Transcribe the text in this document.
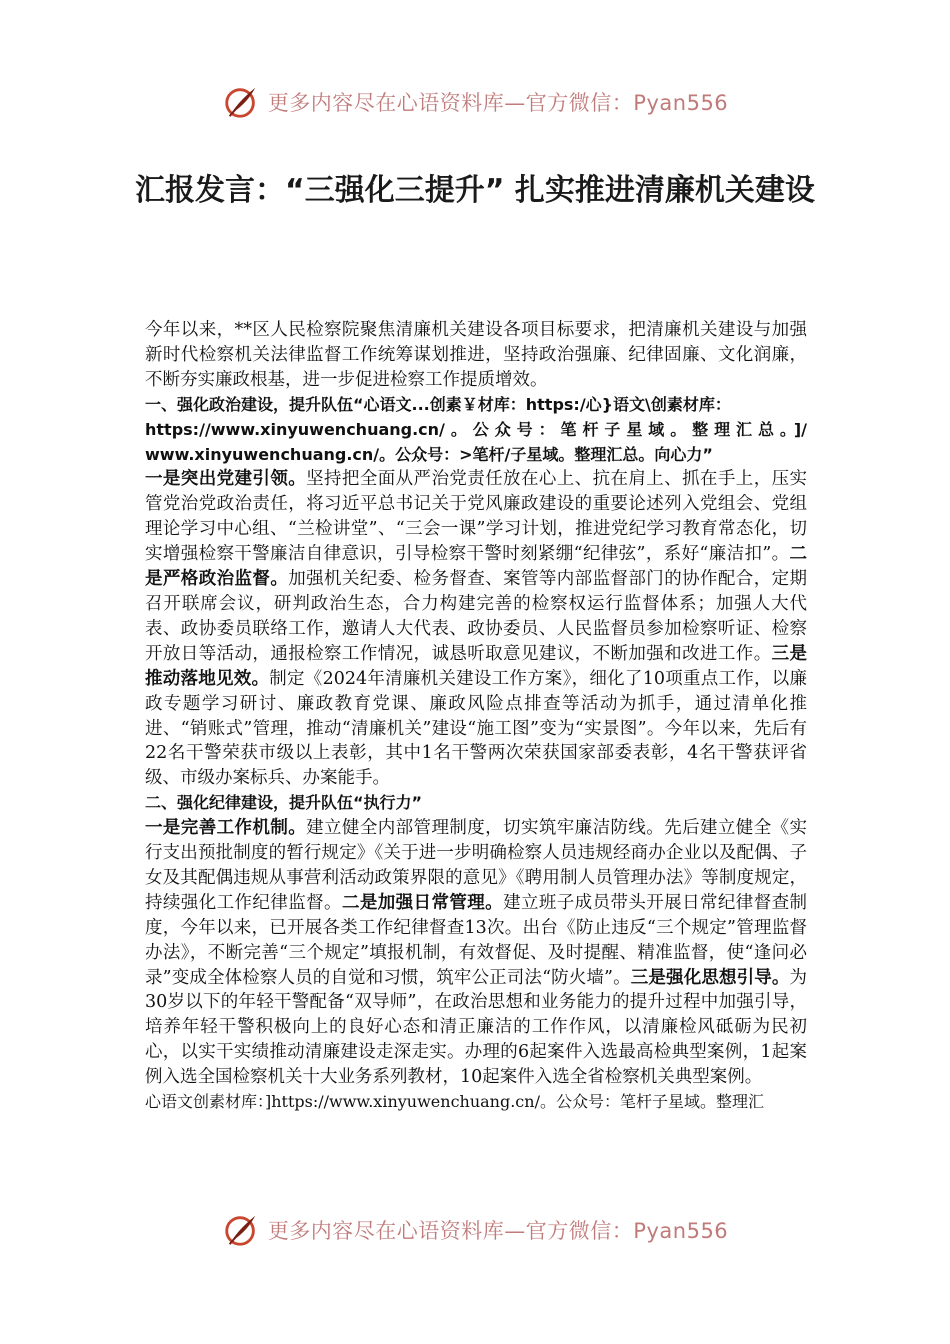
更多内容尽在心语资料库—官方微信：Pyan556
汇报发言：“三强化三提升” 扎实推进清廉机关建设

今年以来，**区人民检察院聚焦清廉机关建设各项目标要求，把清廉机关建设与加强新时代检察机关法律监督工作统筹谋划推进，坚持政治强廉、纪律固廉、文化润廉，不断夯实廉政根基，进一步促进检察工作提质增效。

一、强化政治建设，提升队伍“心语文...创素￥材库：https:/心}语文\创素材库：

https://www.xinyuwenchuang.cn/。公众号：笔杆子星域。整理汇总。]/

www.xinyuwenchuang.cn/。公众号：>笔杆/子星域。整理汇总。向心力”

一是突出党建引领。坚持把全面从严治党责任放在心上、抗在肩上、抓在手上，压实管党治党政治责任，将习近平总书记关于党风廉政建设的重要论述列入党组会、党组理论学习中心组、“兰检讲堂”、“三会一课”学习计划，推进党纪学习教育常态化，切实增强检察干警廉洁自律意识，引导检察干警时刻紧绷“纪律弦”，系好“廉洁扣”。二是严格政治监督。加强机关纪委、检务督查、案管等内部监督部门的协作配合，定期召开联席会议，研判政治生态，合力构建完善的检察权运行监督体系；加强人大代表、政协委员联络工作，邀请人大代表、政协委员、人民监督员参加检察听证、检察开放日等活动，通报检察工作情况，诚恳听取意见建议，不断加强和改进工作。三是推动落地见效。制定《2024年清廉机关建设工作方案》，细化了10项重点工作，以廉政专题学习研讨、廉政教育党课、廉政风险点排查等活动为抓手，通过清单化推进、“销账式”管理，推动“清廉机关”建设“施工图”变为“实景图”。今年以来，先后有22名干警荣获市级以上表彰，其中1名干警两次荣获国家部委表彰，4名干警获评省级、市级办案标兵、办案能手。

二、强化纪律建设，提升队伍“执行力”

一是完善工作机制。建立健全内部管理制度，切实筑牢廉洁防线。先后建立健全《实行支出预批制度的暂行规定》《关于进一步明确检察人员违规经商办企业以及配偶、子女及其配偶违规从事营利活动政策界限的意见》《聘用制人员管理办法》等制度规定，持续强化工作纪律监督。二是加强日常管理。建立班子成员带头开展日常纪律督查制度，今年以来，已开展各类工作纪律督查13次。出台《防止违反“三个规定”管理监督办法》，不断完善“三个规定”填报机制，有效督促、及时提醒、精准监督，使“逢问必录”变成全体检察人员的自觉和习惯，筑牢公正司法“防火墙”。三是强化思想引导。为30岁以下的年轻干警配备“双导师”，在政治思想和业务能力的提升过程中加强引导，培养年轻干警积极向上的良好心态和清正廉洁的工作作风，以清廉检风砥砺为民初心，以实干实绩推动清廉建设走深走实。办理的6起案件入选最高检典型案例，1起案例入选全国检察机关十大业务系列教材，10起案件入选全省检察机关典型案例。

心语文创素材库：]https://www.xinyuwenchuang.cn/。公众号：笔杆子星域。整理汇

更多内容尽在心语资料库—官方微信：Pyan556
